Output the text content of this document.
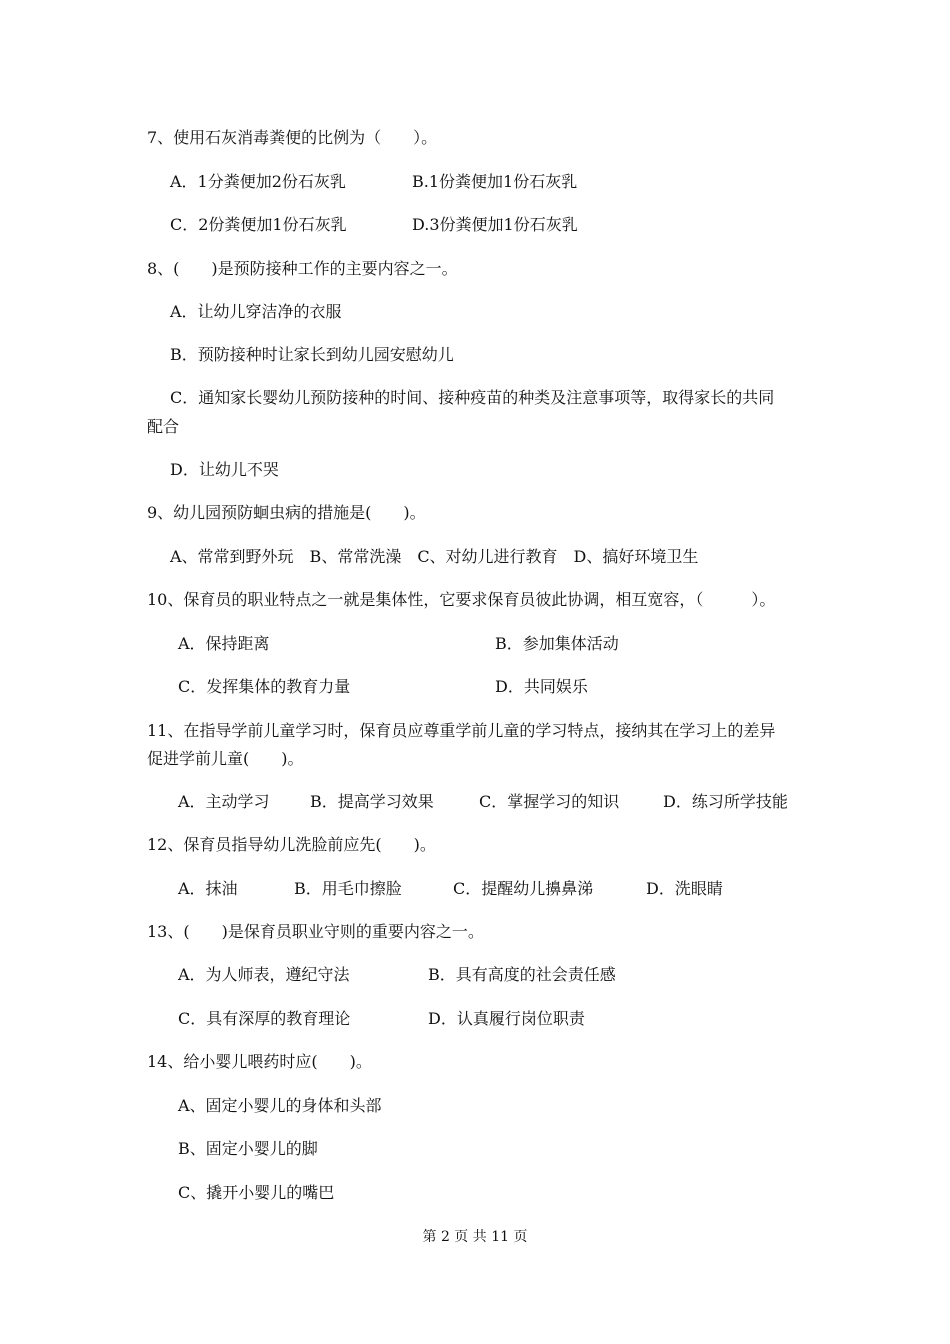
7、使用石灰消毒粪便的比例为（　　）。
A．1分粪便加2份石灰乳	B.1份粪便加1份石灰乳
C．2份粪便加1份石灰乳	D.3份粪便加1份石灰乳
8、(　　)是预防接种工作的主要内容之一。
A．让幼儿穿洁净的衣服
B．预防接种时让家长到幼儿园安慰幼儿
C．通知家长婴幼儿预防接种的时间、接种疫苗的种类及注意事项等，取得家长的共同
配合
D．让幼儿不哭
9、幼儿园预防蛔虫病的措施是(　　)。
A、常常到野外玩　B、常常洗澡　C、对幼儿进行教育　D、搞好环境卫生
10、保育员的职业特点之一就是集体性，它要求保育员彼此协调，相互宽容，（　　　）。
A．保持距离	B．参加集体活动
C．发挥集体的教育力量	D．共同娱乐
11、在指导学前儿童学习时，保育员应尊重学前儿童的学习特点，接纳其在学习上的差异
促进学前儿童(　　)。
A．主动学习	B．提高学习效果	C．掌握学习的知识	D．练习所学技能
12、保育员指导幼儿洗脸前应先(　　)。
A．抹油	B．用毛巾擦脸	C．提醒幼儿擤鼻涕	D．洗眼睛
13、(　　)是保育员职业守则的重要内容之一。
A．为人师表，遵纪守法	B．具有高度的社会责任感
C．具有深厚的教育理论	D．认真履行岗位职责
14、给小婴儿喂药时应(　　)。
A、固定小婴儿的身体和头部
B、固定小婴儿的脚
C、撬开小婴儿的嘴巴
第 2 页 共 11 页
